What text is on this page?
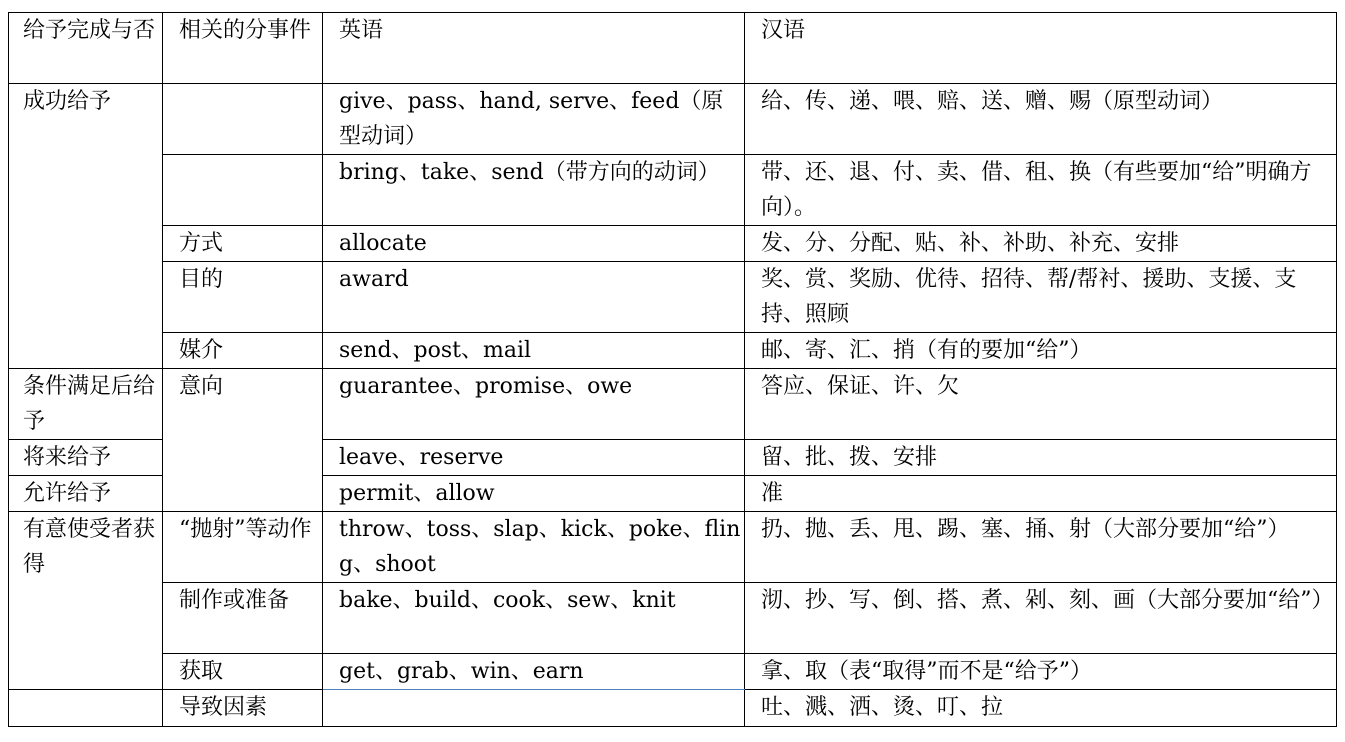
给予完成与否	相关的分事件	英语	汉语
成功给予		give、pass、hand, serve、feed（原型动词）	给、传、递、喂、赔、送、赠、赐（原型动词）
		bring、take、send（带方向的动词）	带、还、退、付、卖、借、租、换（有些要加“给”明确方向）。
	方式	allocate	发、分、分配、贴、补、补助、补充、安排
	目的	award	奖、赏、奖励、优待、招待、帮/帮衬、援助、支援、支持、照顾
	媒介	send、post、mail	邮、寄、汇、捎（有的要加“给”）
条件满足后给予	意向	guarantee、promise、owe	答应、保证、许、欠
将来给予		leave、reserve	留、批、拨、安排
允许给予		permit、allow	准
有意使受者获得	“抛射”等动作	throw、toss、slap、kick、poke、fling、shoot	扔、抛、丢、甩、踢、塞、捅、射（大部分要加“给”）
	制作或准备	bake、build、cook、sew、knit	沏、抄、写、倒、搭、煮、剁、刻、画（大部分要加“给”）
	获取	get、grab、win、earn	拿、取（表“取得”而不是“给予”）
	导致因素		吐、溅、洒、烫、叮、拉
